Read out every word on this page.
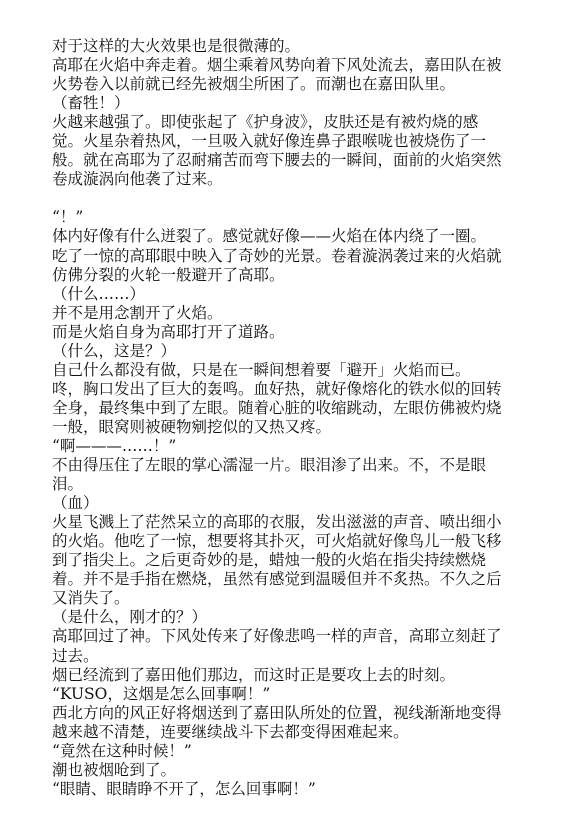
对于这样的大火效果也是很微薄的。
高耶在火焰中奔走着。烟尘乘着风势向着下风处流去，嘉田队在被
火势卷入以前就已经先被烟尘所困了。而潮也在嘉田队里。
（畜牲！）
火越来越强了。即使张起了《护身波》，皮肤还是有被灼烧的感
觉。火星杂着热风，一旦吸入就好像连鼻子跟喉咙也被烧伤了一
般。就在高耶为了忍耐痛苦而弯下腰去的一瞬间，面前的火焰突然
卷成漩涡向他袭了过来。
“！”
体内好像有什么迸裂了。感觉就好像——火焰在体内绕了一圈。
吃了一惊的高耶眼中映入了奇妙的光景。卷着漩涡袭过来的火焰就
仿佛分裂的火轮一般避开了高耶。
（什么……）
并不是用念割开了火焰。
而是火焰自身为高耶打开了道路。
（什么，这是？）
自己什么都没有做，只是在一瞬间想着要「避开」火焰而已。
咚，胸口发出了巨大的轰鸣。血好热，就好像熔化的铁水似的回转
全身，最终集中到了左眼。随着心脏的收缩跳动，左眼仿佛被灼烧
一般，眼窝则被硬物剜挖似的又热又疼。
“啊———……！”
不由得压住了左眼的掌心濡湿一片。眼泪渗了出来。不，不是眼
泪。
（血）
火星飞溅上了茫然呆立的高耶的衣服，发出滋滋的声音、喷出细小
的火焰。他吃了一惊，想要将其扑灭，可火焰就好像鸟儿一般飞移
到了指尖上。之后更奇妙的是，蜡烛一般的火焰在指尖持续燃烧
着。并不是手指在燃烧，虽然有感觉到温暖但并不炙热。不久之后
又消失了。
（是什么，刚才的？）
高耶回过了神。下风处传来了好像悲鸣一样的声音，高耶立刻赶了
过去。
烟已经流到了嘉田他们那边，而这时正是要攻上去的时刻。
“KUSO，这烟是怎么回事啊！”
西北方向的风正好将烟送到了嘉田队所处的位置，视线渐渐地变得
越来越不清楚，连要继续战斗下去都变得困难起来。
“竟然在这种时候！”
潮也被烟呛到了。
“眼睛、眼睛睁不开了，怎么回事啊！”
